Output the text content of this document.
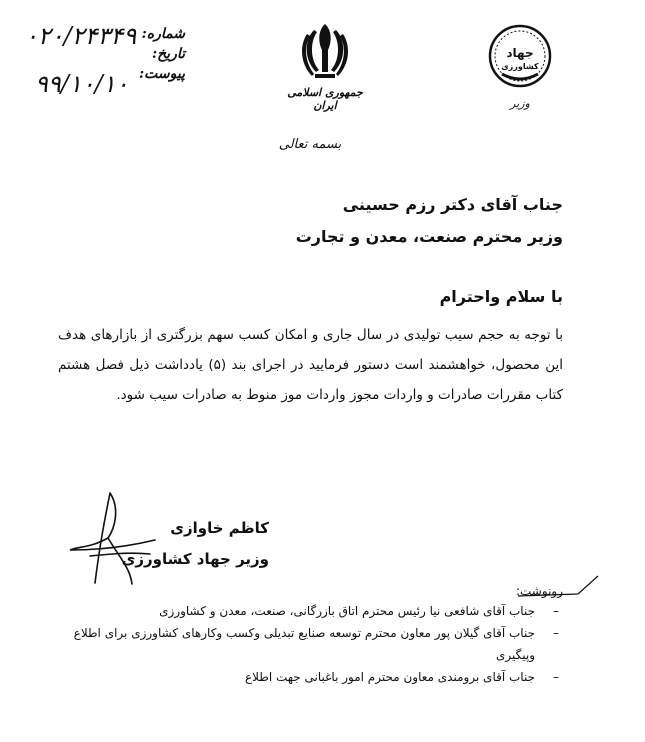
۰۲۰/۲۴۳۴۹
۹۹/۱۰/۱۰
شماره:
تاریخ:
پیوست:
جمهوری اسلامی ایران
جهاد
کشاورزی
وزیر
بسمه تعالی
جناب آقای دکتر رزم حسینی
وزیر محترم صنعت، معدن و تجارت
با سلام واحترام
با توجه به حجم سیب تولیدی در سال جاری و امکان کسب سهم بزرگتری از بازارهای هدف این محصول، خواهشمند است دستور فرمایید در اجرای بند (۵) یادداشت ذیل فصل هشتم کتاب مقررات صادرات و واردات مجوز واردات موز منوط به صادرات سیب شود.
کاظم خاوازی
وزیر جهاد کشاورزی
رونوشت:
–
جناب آقای شافعی نیا رئیس محترم اتاق بازرگانی، صنعت، معدن و کشاورزی
–
جناب آقای گیلان پور معاون محترم توسعه صنایع تبدیلی وکسب وکارهای کشاورزی برای اطلاع وپیگیری
–
جناب آقای برومندی معاون محترم امور باغبانی جهت اطلاع
